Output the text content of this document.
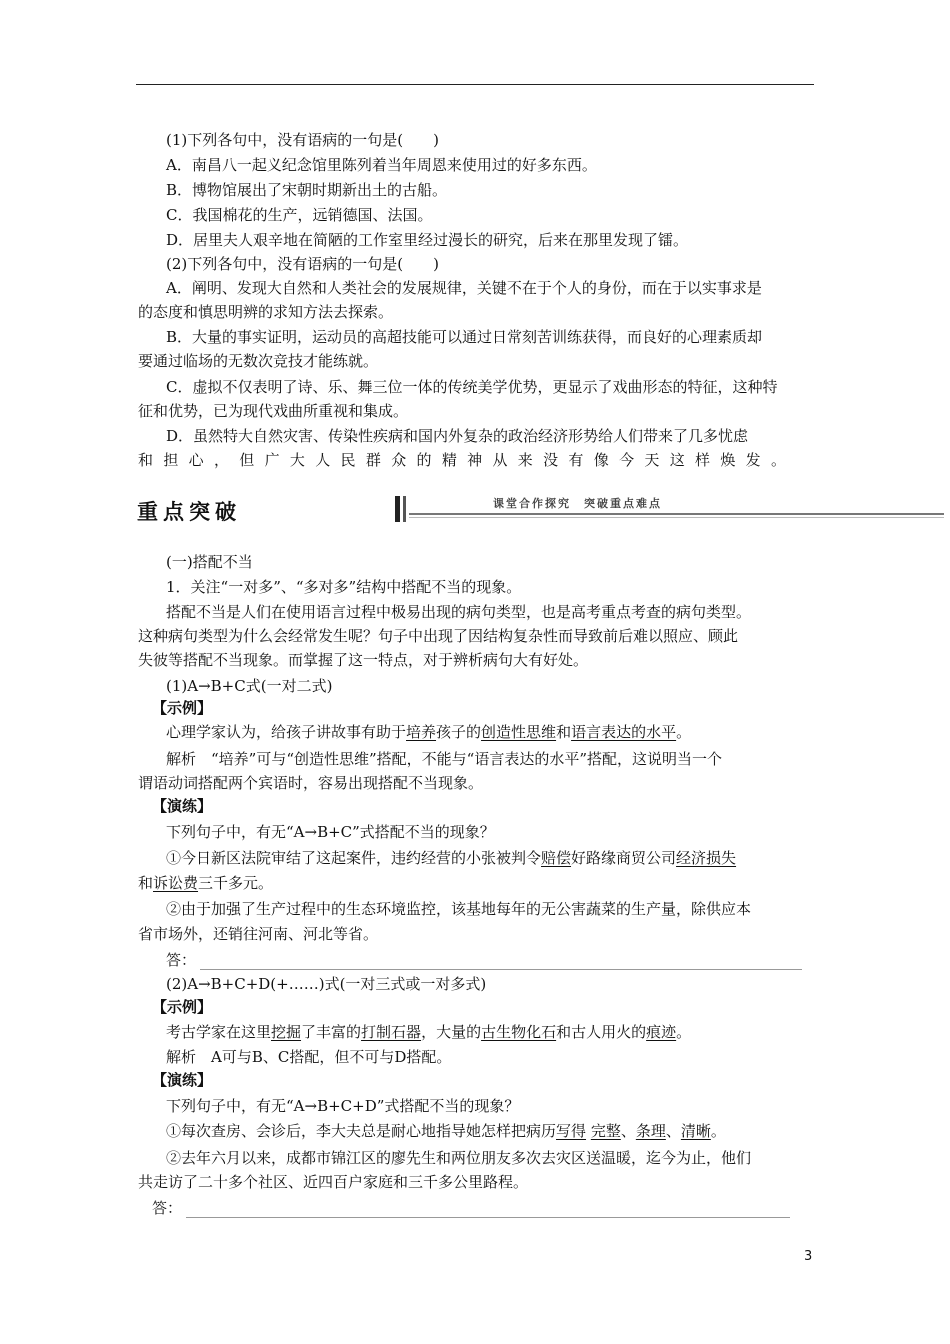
(1)下列各句中，没有语病的一句是(　　)
A．南昌八一起义纪念馆里陈列着当年周恩来使用过的好多东西。
B．博物馆展出了宋朝时期新出土的古船。
C．我国棉花的生产，远销德国、法国。
D．居里夫人艰辛地在简陋的工作室里经过漫长的研究，后来在那里发现了镭。
(2)下列各句中，没有语病的一句是(　　)
A．阐明、发现大自然和人类社会的发展规律，关键不在于个人的身份，而在于以实事求是
的态度和慎思明辨的求知方法去探索。
B．大量的事实证明，运动员的高超技能可以通过日常刻苦训练获得，而良好的心理素质却
要通过临场的无数次竞技才能练就。
C．虚拟不仅表明了诗、乐、舞三位一体的传统美学优势，更显示了戏曲形态的特征，这种特
征和优势，已为现代戏曲所重视和集成。
D．虽然特大自然灾害、传染性疾病和国内外复杂的政治经济形势给人们带来了几多忧虑
和担心，但广大人民群众的精神从来没有像今天这样焕发。
重点突破	课堂合作探究　突破重点难点
(一)搭配不当
1．关注“一对多”、“多对多”结构中搭配不当的现象。
搭配不当是人们在使用语言过程中极易出现的病句类型，也是高考重点考查的病句类型。
这种病句类型为什么会经常发生呢？句子中出现了因结构复杂性而导致前后难以照应、顾此
失彼等搭配不当现象。而掌握了这一特点，对于辨析病句大有好处。
(1)A→B+C式(一对二式)
【示例】
心理学家认为，给孩子讲故事有助于培养孩子的创造性思维和语言表达的水平。
解析　“培养”可与“创造性思维”搭配，不能与“语言表达的水平”搭配，这说明当一个
谓语动词搭配两个宾语时，容易出现搭配不当现象。
【演练】
下列句子中，有无“A→B+C”式搭配不当的现象？
①今日新区法院审结了这起案件，违约经营的小张被判令赔偿好路缘商贸公司经济损失
和诉讼费三千多元。
②由于加强了生产过程中的生态环境监控，该基地每年的无公害蔬菜的生产量，除供应本
省市场外，还销往河南、河北等省。
答：
(2)A→B+C+D(+……)式(一对三式或一对多式)
【示例】
考古学家在这里挖掘了丰富的打制石器，大量的古生物化石和古人用火的痕迹。
解析　A可与B、C搭配，但不可与D搭配。
【演练】
下列句子中，有无“A→B+C+D”式搭配不当的现象？
①每次查房、会诊后，李大夫总是耐心地指导她怎样把病历写得 完整、条理、清晰。
②去年六月以来，成都市锦江区的廖先生和两位朋友多次去灾区送温暖，迄今为止，他们
共走访了二十多个社区、近四百户家庭和三千多公里路程。
答：
3
